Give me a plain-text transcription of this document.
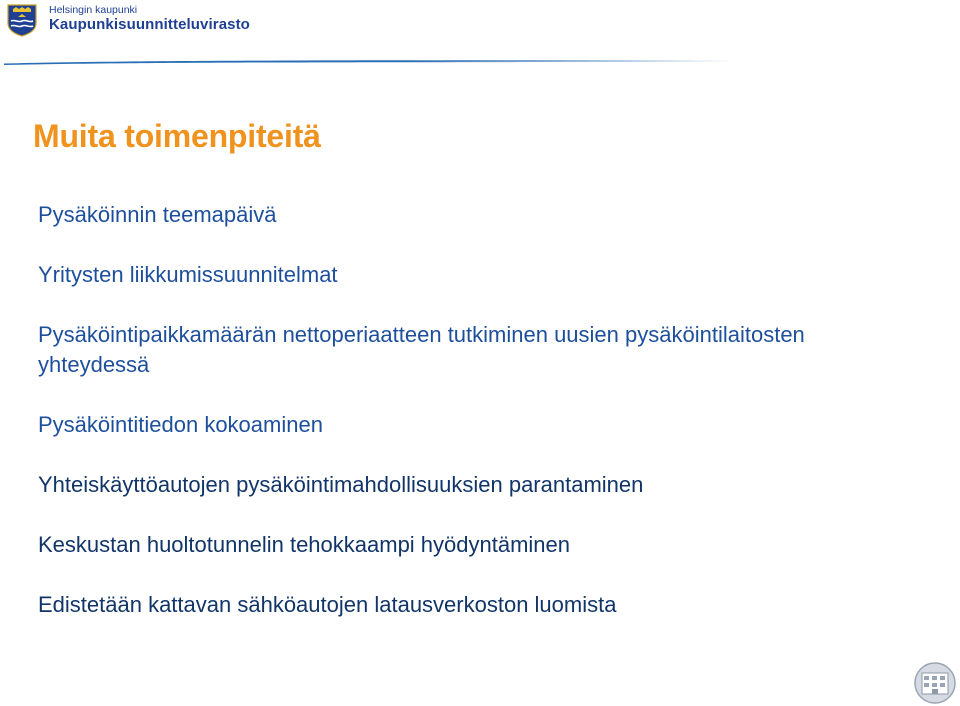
Helsingin kaupunki
Kaupunkisuunnitteluvirasto
Muita toimenpiteitä
Pysäköinnin teemapäivä
Yritysten liikkumissuunnitelmat
Pysäköintipaikkamäärän nettoperiaatteen tutkiminen uusien pysäköintilaitosten yhteydessä
Pysäköintitiedon kokoaminen
Yhteiskäyttöautojen pysäköintimahdollisuuksien parantaminen
Keskustan huoltotunnelin tehokkaampi hyödyntäminen
Edistetään kattavan sähköautojen latausverkoston luomista
